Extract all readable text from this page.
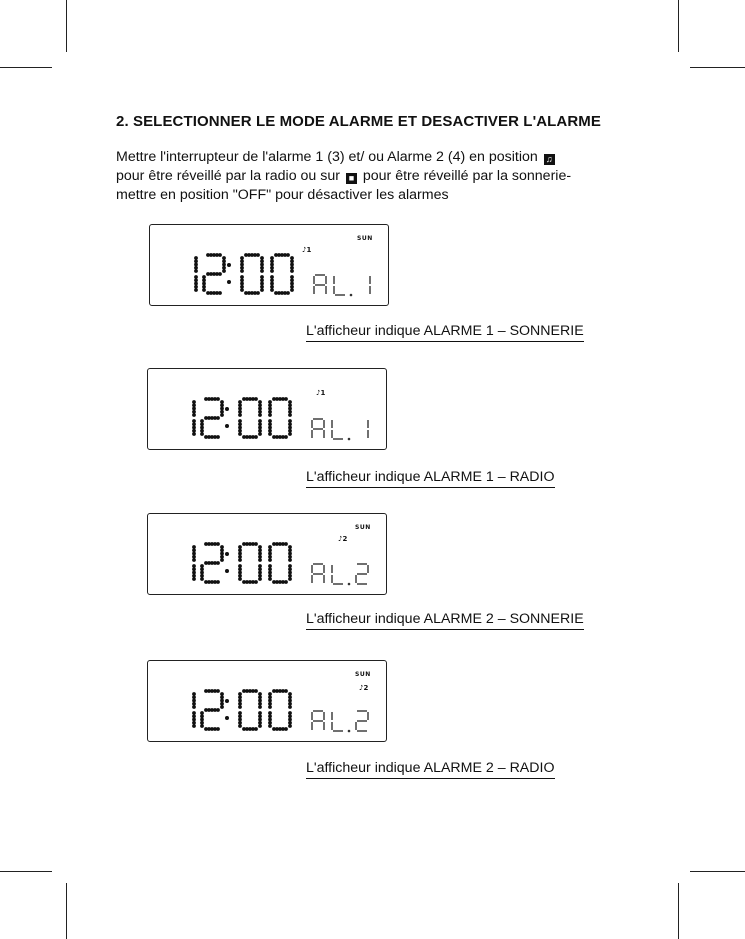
2. SELECTIONNER LE MODE ALARME ET DESACTIVER L'ALARME
Mettre l'interrupteur de l'alarme 1 (3) et/ ou Alarme 2 (4) en position ♫
pour être réveillé par la radio ou sur ■ pour être réveillé par la sonnerie-
mettre en position "OFF" pour désactiver les alarmes
SUN
♪1
L'afficheur indique ALARME 1 – SONNERIE
♪1
L'afficheur indique ALARME 1 – RADIO
SUN
♪2
L'afficheur indique ALARME 2 – SONNERIE
SUN
♪2
L'afficheur indique ALARME 2 – RADIO
